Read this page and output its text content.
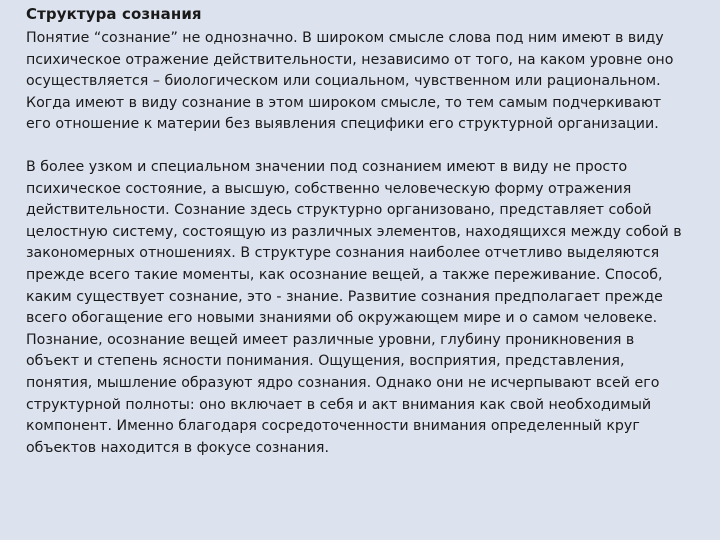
Структура сознания

Понятие “сознание” не однозначно. В широком смысле слова под ним имеют в виду
психическое отражение действительности, независимо от того, на каком уровне оно
осуществляется – биологическом или социальном, чувственном или рациональном.
Когда имеют в виду сознание в этом широком смысле, то тем самым подчеркивают
его отношение к материи без выявления специфики его структурной организации.

В более узком и специальном значении под сознанием имеют в виду не просто
психическое состояние, а высшую, собственно человеческую форму отражения
действительности. Сознание здесь структурно организовано, представляет собой
целостную систему, состоящую из различных элементов, находящихся между собой в
закономерных отношениях. В структуре сознания наиболее отчетливо выделяются
прежде всего такие моменты, как осознание вещей, а также переживание. Способ,
каким существует сознание, это - знание. Развитие сознания предполагает прежде
всего обогащение его новыми знаниями об окружающем мире и о самом человеке.
Познание, осознание вещей имеет различные уровни, глубину проникновения в
объект и степень ясности понимания. Ощущения, восприятия, представления,
понятия, мышление образуют ядро сознания. Однако они не исчерпывают всей его
структурной полноты: оно включает в себя и акт внимания как свой необходимый
компонент. Именно благодаря сосредоточенности внимания определенный круг
объектов находится в фокусе сознания.
